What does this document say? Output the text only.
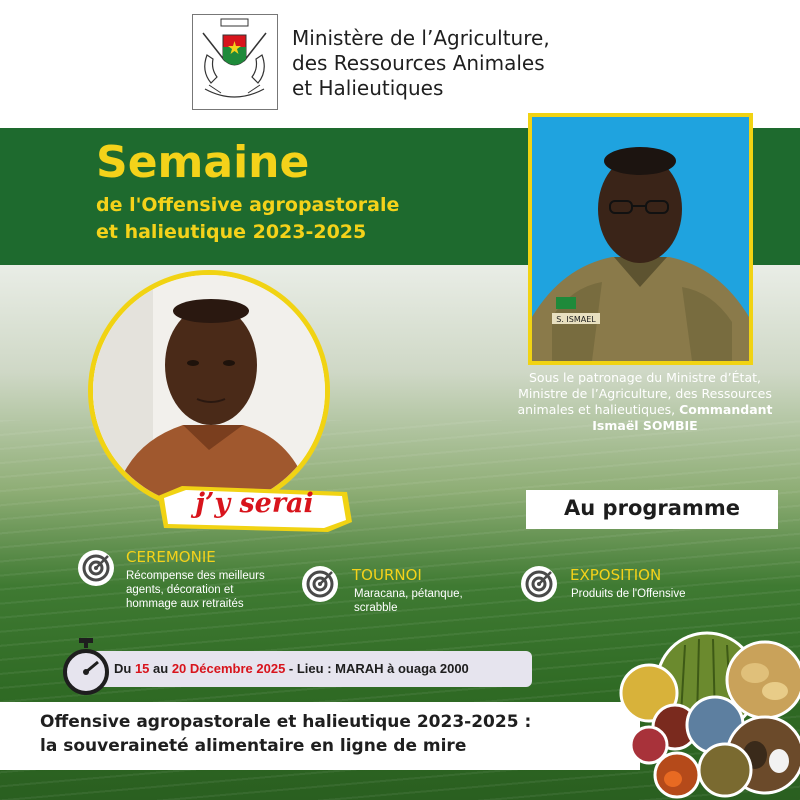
Ministère de l’Agriculture,
des Ressources Animales
et Halieutiques
Semaine
de l'Offensive agropastorale
et halieutique 2023-2025
S. ISMAEL
Sous le patronage du Ministre d’État,
Ministre de l’Agriculture, des Ressources
animales et halieutiques, Commandant
Ismaël SOMBIE
j’y serai	Au programme
CEREMONIE
Récompense des meilleurs
agents, décoration et
hommage aux retraités
TOURNOI
Maracana, pétanque,
scrabble
EXPOSITION
Produits de l'Offensive
Du 15 au 20 Décembre 2025 - Lieu : MARAH à ouaga 2000
Offensive agropastorale et halieutique 2023-2025 :
la souveraineté alimentaire en ligne de mire
